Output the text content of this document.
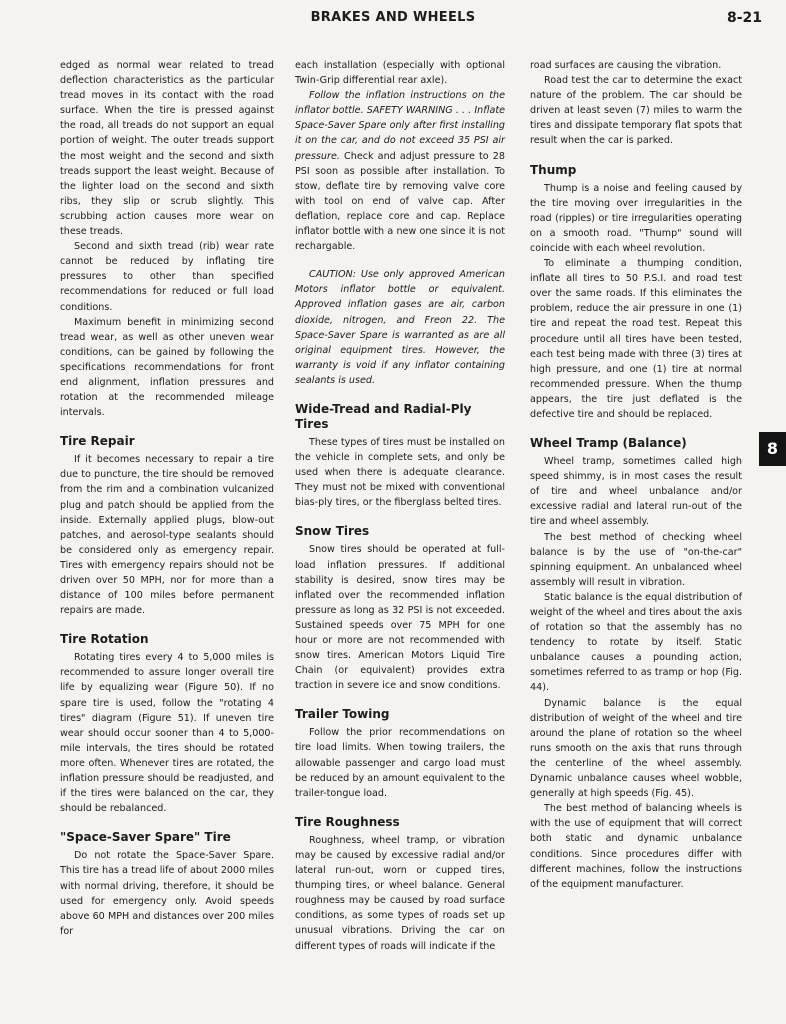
BRAKES AND WHEELS	8-21

edged as normal wear related to tread deflection characteristics as the particular tread moves in its contact with the road surface. When the tire is pressed against the road, all treads do not support an equal portion of weight. The outer treads support the most weight and the second and sixth treads support the least weight. Because of the lighter load on the second and sixth ribs, they slip or scrub slightly. This scrubbing action causes more wear on these treads.

Second and sixth tread (rib) wear rate cannot be reduced by inflating tire pressures to other than specified recommendations for reduced or full load conditions.

Maximum benefit in minimizing second tread wear, as well as other uneven wear conditions, can be gained by following the specifications recommendations for front end alignment, inflation pressures and rotation at the recommended mileage intervals.

Tire Repair

If it becomes necessary to repair a tire due to puncture, the tire should be removed from the rim and a combination vulcanized plug and patch should be applied from the inside. Externally applied plugs, blow-out patches, and aerosol-type sealants should be considered only as emergency repair. Tires with emergency repairs should not be driven over 50 MPH, nor for more than a distance of 100 miles before permanent repairs are made.

Tire Rotation

Rotating tires every 4 to 5,000 miles is recommended to assure longer overall tire life by equalizing wear (Figure 50). If no spare tire is used, follow the "rotating 4 tires" diagram (Figure 51). If uneven tire wear should occur sooner than 4 to 5,000-mile intervals, the tires should be rotated more often. Whenever tires are rotated, the inflation pressure should be readjusted, and if the tires were balanced on the car, they should be rebalanced.

"Space-Saver Spare" Tire

Do not rotate the Space-Saver Spare. This tire has a tread life of about 2000 miles with normal driving, therefore, it should be used for emergency only. Avoid speeds above 60 MPH and distances over 200 miles for

each installation (especially with optional Twin-Grip differential rear axle).

Follow the inflation instructions on the inflator bottle. SAFETY WARNING . . . Inflate Space-Saver Spare only after first installing it on the car, and do not exceed 35 PSI air pressure. Check and adjust pressure to 28 PSI soon as possible after installation. To stow, deflate tire by removing valve core with tool on end of valve cap. After deflation, replace core and cap. Replace inflator bottle with a new one since it is not rechargable.

CAUTION: Use only approved American Motors inflator bottle or equivalent. Approved inflation gases are air, carbon dioxide, nitrogen, and Freon 22. The Space-Saver Spare is warranted as are all original equipment tires. However, the warranty is void if any inflator containing sealants is used.

Wide-Tread and Radial-Ply Tires

These types of tires must be installed on the vehicle in complete sets, and only be used when there is adequate clearance. They must not be mixed with conventional bias-ply tires, or the fiberglass belted tires.

Snow Tires

Snow tires should be operated at full-load inflation pressures. If additional stability is desired, snow tires may be inflated over the recommended inflation pressure as long as 32 PSI is not exceeded. Sustained speeds over 75 MPH for one hour or more are not recommended with snow tires. American Motors Liquid Tire Chain (or equivalent) provides extra traction in severe ice and snow conditions.

Trailer Towing

Follow the prior recommendations on tire load limits. When towing trailers, the allowable passenger and cargo load must be reduced by an amount equivalent to the trailer-tongue load.

Tire Roughness

Roughness, wheel tramp, or vibration may be caused by excessive radial and/or lateral run-out, worn or cupped tires, thumping tires, or wheel balance. General roughness may be caused by road surface conditions, as some types of roads set up unusual vibrations. Driving the car on different types of roads will indicate if the

road surfaces are causing the vibration.

Road test the car to determine the exact nature of the problem. The car should be driven at least seven (7) miles to warm the tires and dissipate temporary flat spots that result when the car is parked.

Thump

Thump is a noise and feeling caused by the tire moving over irregularities in the road (ripples) or tire irregularities operating on a smooth road. "Thump" sound will coincide with each wheel revolution.

To eliminate a thumping condition, inflate all tires to 50 P.S.I. and road test over the same roads. If this eliminates the problem, reduce the air pressure in one (1) tire and repeat the road test. Repeat this procedure until all tires have been tested, each test being made with three (3) tires at high pressure, and one (1) tire at normal recommended pressure. When the thump appears, the tire just deflated is the defective tire and should be replaced.

Wheel Tramp (Balance)

Wheel tramp, sometimes called high speed shimmy, is in most cases the result of tire and wheel unbalance and/or excessive radial and lateral run-out of the tire and wheel assembly.

The best method of checking wheel balance is by the use of "on-the-car" spinning equipment. An unbalanced wheel assembly will result in vibration.

Static balance is the equal distribution of weight of the wheel and tires about the axis of rotation so that the assembly has no tendency to rotate by itself. Static unbalance causes a pounding action, sometimes referred to as tramp or hop (Fig. 44).

Dynamic balance is the equal distribution of weight of the wheel and tire around the plane of rotation so the wheel runs smooth on the axis that runs through the centerline of the wheel assembly. Dynamic unbalance causes wheel wobble, generally at high speeds (Fig. 45).

The best method of balancing wheels is with the use of equipment that will correct both static and dynamic unbalance conditions. Since procedures differ with different machines, follow the instructions of the equipment manufacturer.

8
